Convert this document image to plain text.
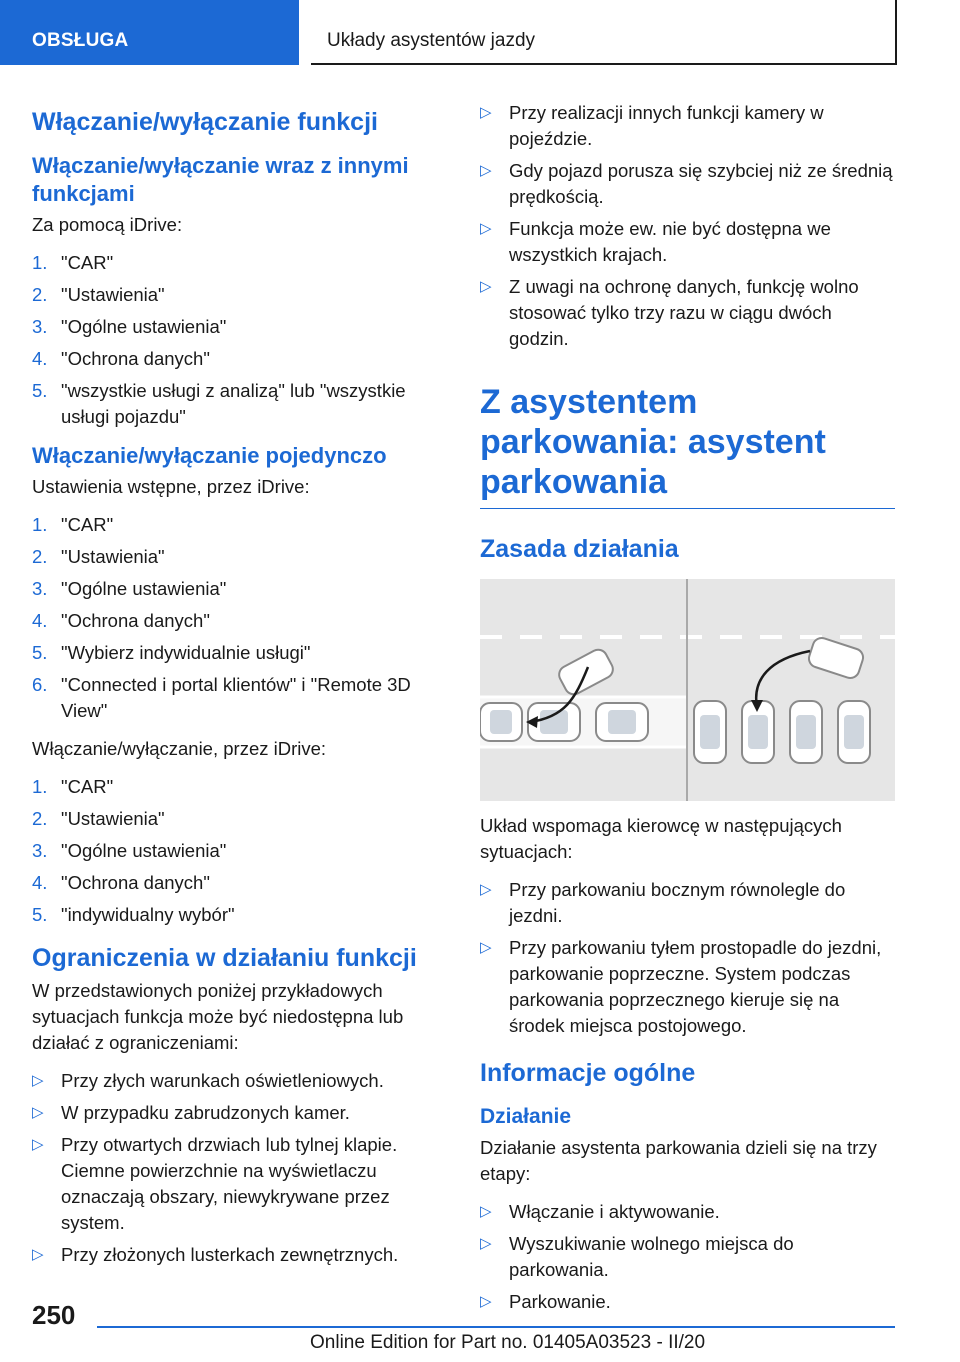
OBSŁUGA	Układy asystentów jazdy
Włączanie/wyłączanie funkcji
Włączanie/wyłączanie wraz z innymi funkcjami

Za pomocą iDrive:

1. "CAR"
2. "Ustawienia"
3. "Ogólne ustawienia"
4. "Ochrona danych"
5. "wszystkie usługi z analizą" lub "wszystkie usługi pojazdu"
Włączanie/wyłączanie pojedynczo

Ustawienia wstępne, przez iDrive:

1. "CAR"
2. "Ustawienia"
3. "Ogólne ustawienia"
4. "Ochrona danych"
5. "Wybierz indywidualnie usługi"
6. "Connected i portal klientów" i "Remote 3D View"

Włączanie/wyłączanie, przez iDrive:

1. "CAR"
2. "Ustawienia"
3. "Ogólne ustawienia"
4. "Ochrona danych"
5. "indywidualny wybór"
Ograniczenia w działaniu funkcji

W przedstawionych poniżej przykładowych sytuacjach funkcja może być niedostępna lub działać z ograniczeniami:

▷ Przy złych warunkach oświetleniowych.
▷ W przypadku zabrudzonych kamer.
▷ Przy otwartych drzwiach lub tylnej klapie. Ciemne powierzchnie na wyświetlaczu oznaczają obszary, niewykrywane przez system.
▷ Przy złożonych lusterkach zewnętrznych.
▷ Przy realizacji innych funkcji kamery w pojeździe.
▷ Gdy pojazd porusza się szybciej niż ze średnią prędkością.
▷ Funkcja może ew. nie być dostępna we wszystkich krajach.
▷ Z uwagi na ochronę danych, funkcję wolno stosować tylko trzy razu w ciągu dwóch godzin.
Z asystentem parkowania: asystent parkowania
Zasada działania

Układ wspomaga kierowcę w następujących sytuacjach:

▷ Przy parkowaniu bocznym równolegle do jezdni.
▷ Przy parkowaniu tyłem prostopadle do jezdni, parkowanie poprzeczne. System podczas parkowania poprzecznego kieruje się na środek miejsca postojowego.
Informacje ogólne
Działanie

Działanie asystenta parkowania dzieli się na trzy etapy:

▷ Włączanie i aktywowanie.
▷ Wyszukiwanie wolnego miejsca do parkowania.
▷ Parkowanie.
250
Online Edition for Part no. 01405A03523 - II/20
